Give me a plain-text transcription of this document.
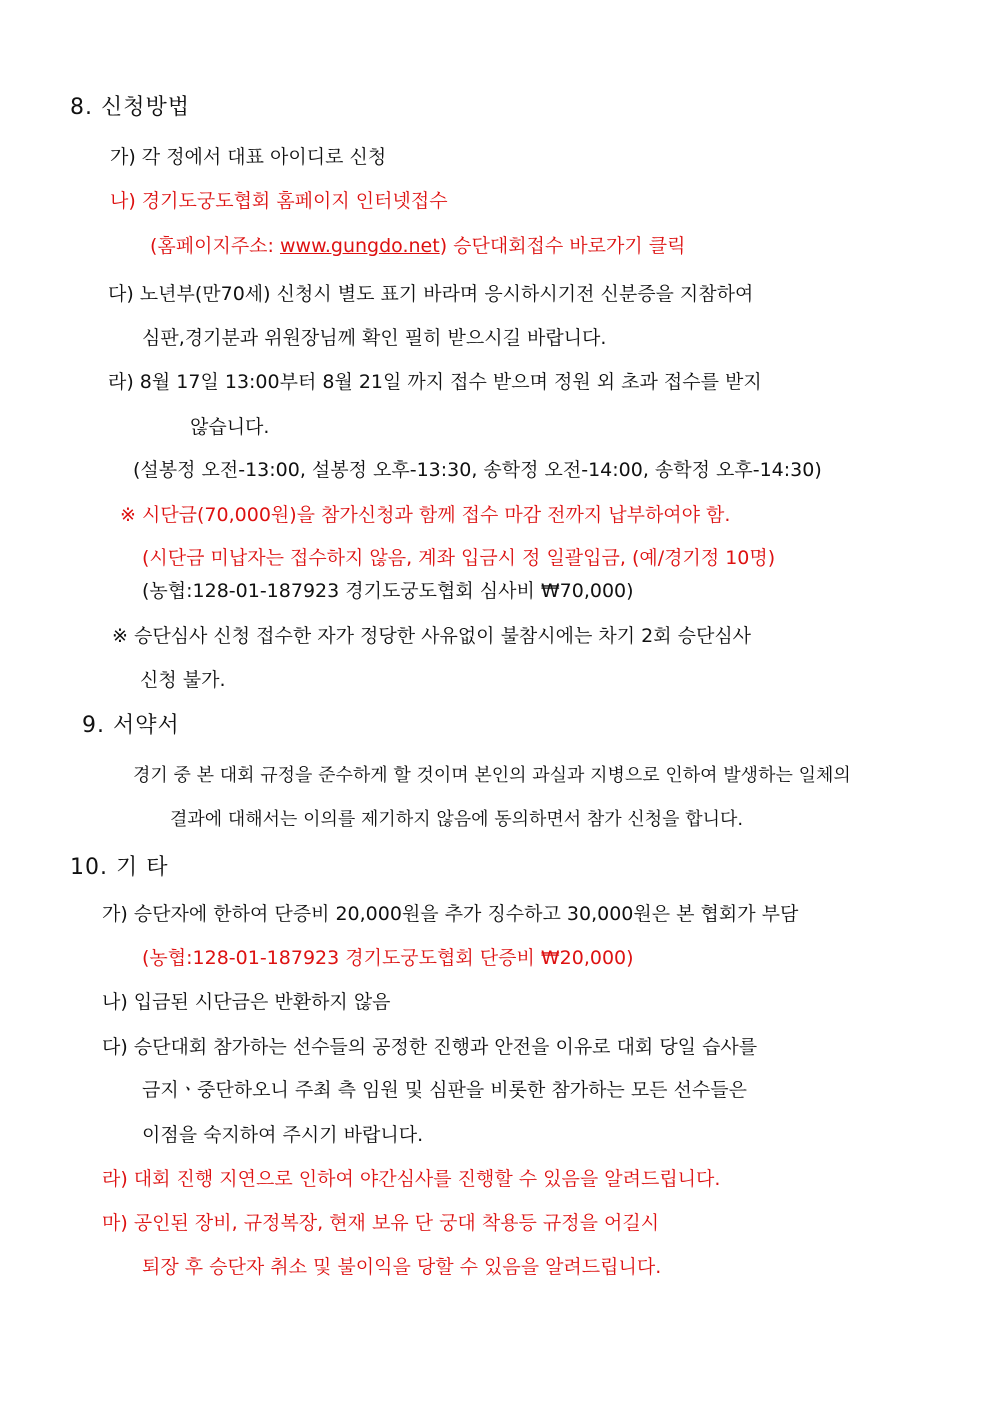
8. 신청방법
가) 각 정에서 대표 아이디로 신청
나) 경기도궁도협회 홈페이지 인터넷접수
(홈페이지주소: www.gungdo.net) 승단대회접수 바로가기 클릭
다) 노년부(만70세) 신청시 별도 표기 바라며 응시하시기전 신분증을 지참하여
심판,경기분과 위원장님께 확인 필히 받으시길 바랍니다.
라) 8월 17일 13:00부터 8월 21일 까지 접수 받으며 정원 외 초과 접수를 받지
않습니다.
(설봉정 오전-13:00, 설봉정 오후-13:30, 송학정 오전-14:00, 송학정 오후-14:30)
※ 시단금(70,000원)을 참가신청과 함께 접수 마감 전까지 납부하여야 함.
(시단금 미납자는 접수하지 않음, 계좌 입금시 정 일괄입금, (예/경기정 10명)
(농협:128-01-187923 경기도궁도협회 심사비 ₩70,000)
※ 승단심사 신청 접수한 자가 정당한 사유없이 불참시에는 차기 2회 승단심사
신청 불가.
9. 서약서
경기 중 본 대회 규정을 준수하게 할 것이며 본인의 과실과 지병으로 인하여 발생하는 일체의
결과에 대해서는 이의를 제기하지 않음에 동의하면서 참가 신청을 합니다.
10. 기 타
가) 승단자에 한하여 단증비 20,000원을 추가 징수하고 30,000원은 본 협회가 부담
(농협:128-01-187923 경기도궁도협회 단증비 ₩20,000)
나) 입금된 시단금은 반환하지 않음
다) 승단대회 참가하는 선수들의 공정한 진행과 안전을 이유로 대회 당일 습사를
금지ㆍ중단하오니 주최 측 임원 및 심판을 비롯한 참가하는 모든 선수들은
이점을 숙지하여 주시기 바랍니다.
라) 대회 진행 지연으로 인하여 야간심사를 진행할 수 있음을 알려드립니다.
마) 공인된 장비, 규정복장, 현재 보유 단 궁대 착용등 규정을 어길시
퇴장 후 승단자 취소 및 불이익을 당할 수 있음을 알려드립니다.
